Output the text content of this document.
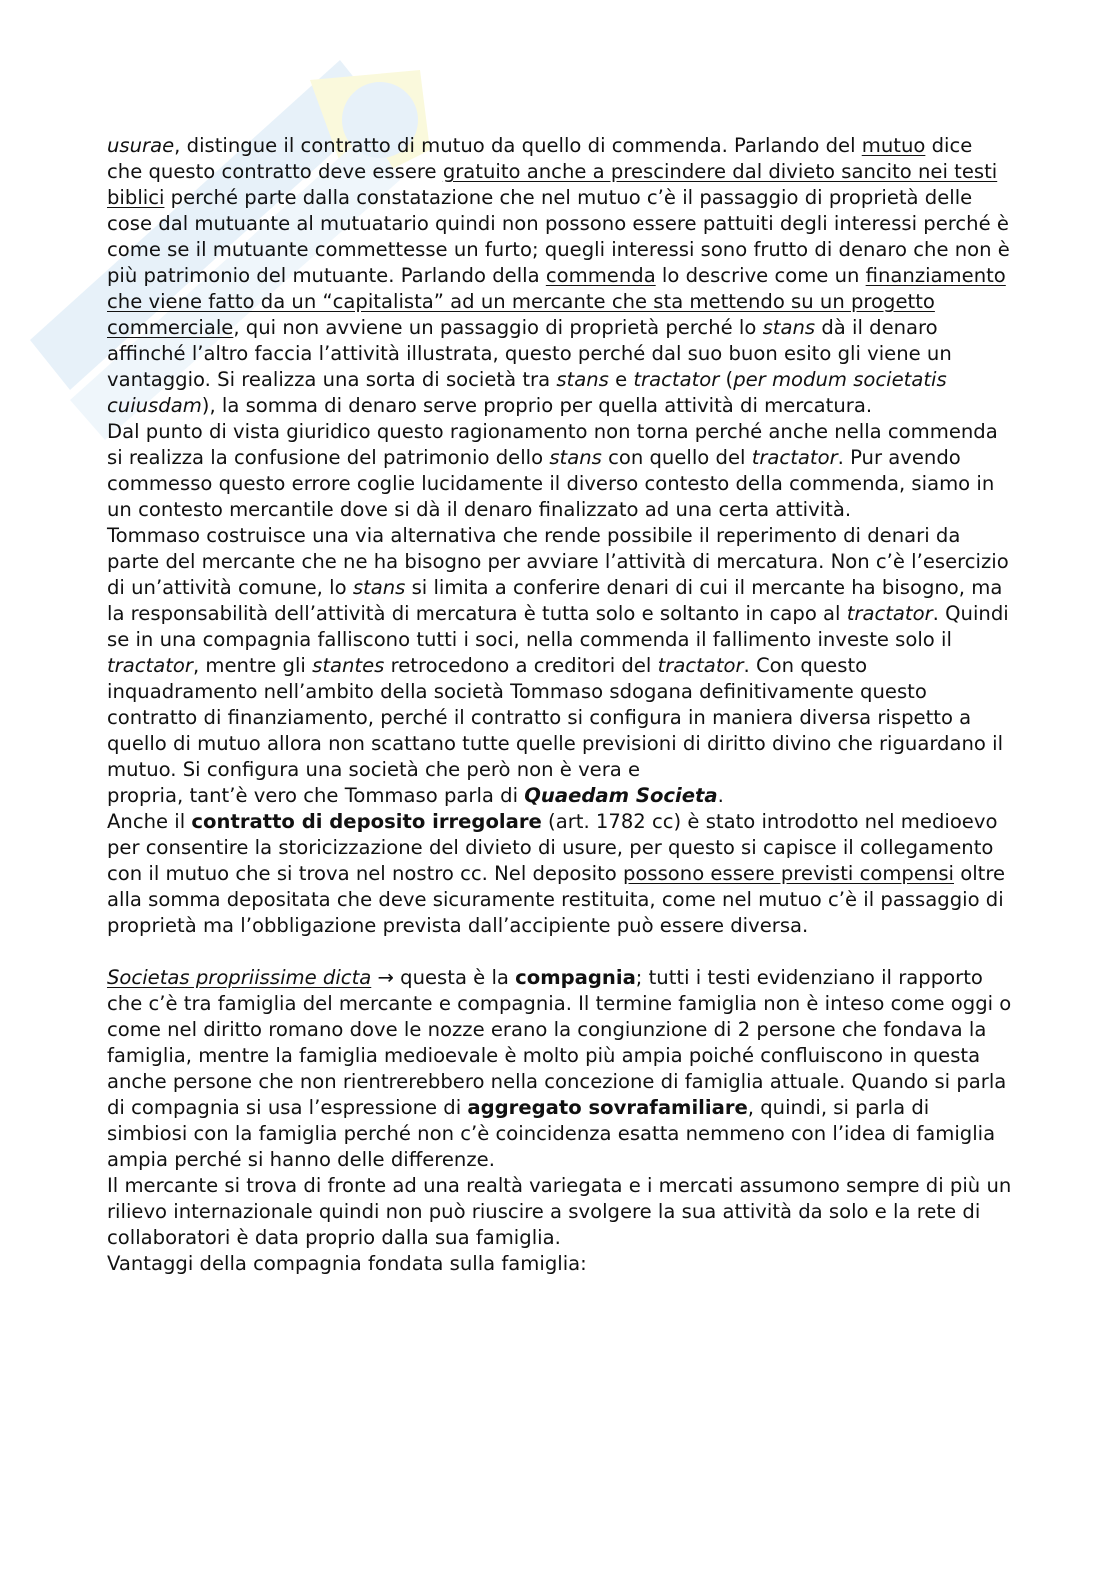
usurae, distingue il contratto di mutuo da quello di commenda. Parlando del mutuo dice che questo contratto deve essere gratuito anche a prescindere dal divieto sancito nei testi biblici perché parte dalla constatazione che nel mutuo c’è il passaggio di proprietà delle cose dal mutuante al mutuatario quindi non possono essere pattuiti degli interessi perché è come se il mutuante commettesse un furto; quegli interessi sono frutto di denaro che non è più patrimonio del mutuante. Parlando della commenda lo descrive come un finanziamento che viene fatto da un “capitalista” ad un mercante che sta mettendo su un progetto commerciale, qui non avviene un passaggio di proprietà perché lo stans dà il denaro affinché l’altro faccia l’attività illustrata, questo perché dal suo buon esito gli viene un vantaggio. Si realizza una sorta di società tra stans e tractator (per modum societatis cuiusdam), la somma di denaro serve proprio per quella attività di mercatura.

Dal punto di vista giuridico questo ragionamento non torna perché anche nella commenda si realizza la confusione del patrimonio dello stans con quello del tractator. Pur avendo commesso questo errore coglie lucidamente il diverso contesto della commenda, siamo in un contesto mercantile dove si dà il denaro finalizzato ad una certa attività.

Tommaso costruisce una via alternativa che rende possibile il reperimento di denari da parte del mercante che ne ha bisogno per avviare l’attività di mercatura. Non c’è l’esercizio di un’attività comune, lo stans si limita a conferire denari di cui il mercante ha bisogno, ma la responsabilità dell’attività di mercatura è tutta solo e soltanto in capo al tractator. Quindi se in una compagnia falliscono tutti i soci, nella commenda il fallimento investe solo il tractator, mentre gli stantes retrocedono a creditori del tractator. Con questo inquadramento nell’ambito della società Tommaso sdogana definitivamente questo contratto di finanziamento, perché il contratto si configura in maniera diversa rispetto a quello di mutuo allora non scattano tutte quelle previsioni di diritto divino che riguardano il mutuo. Si configura una società che però non è vera e

propria, tant’è vero che Tommaso parla di Quaedam Societa.

Anche il contratto di deposito irregolare (art. 1782 cc) è stato introdotto nel medioevo per consentire la storicizzazione del divieto di usure, per questo si capisce il collegamento con il mutuo che si trova nel nostro cc. Nel deposito possono essere previsti compensi oltre alla somma depositata che deve sicuramente restituita, come nel mutuo c’è il passaggio di proprietà ma l’obbligazione prevista dall’accipiente può essere diversa.

Societas propriissime dicta → questa è la compagnia; tutti i testi evidenziano il rapporto che c’è tra famiglia del mercante e compagnia. Il termine famiglia non è inteso come oggi o come nel diritto romano dove le nozze erano la congiunzione di 2 persone che fondava la famiglia, mentre la famiglia medioevale è molto più ampia poiché confluiscono in questa anche persone che non rientrerebbero nella concezione di famiglia attuale. Quando si parla di compagnia si usa l’espressione di aggregato sovrafamiliare, quindi, si parla di simbiosi con la famiglia perché non c’è coincidenza esatta nemmeno con l’idea di famiglia ampia perché si hanno delle differenze.

Il mercante si trova di fronte ad una realtà variegata e i mercati assumono sempre di più un rilievo internazionale quindi non può riuscire a svolgere la sua attività da solo e la rete di collaboratori è data proprio dalla sua famiglia.

Vantaggi della compagnia fondata sulla famiglia:
